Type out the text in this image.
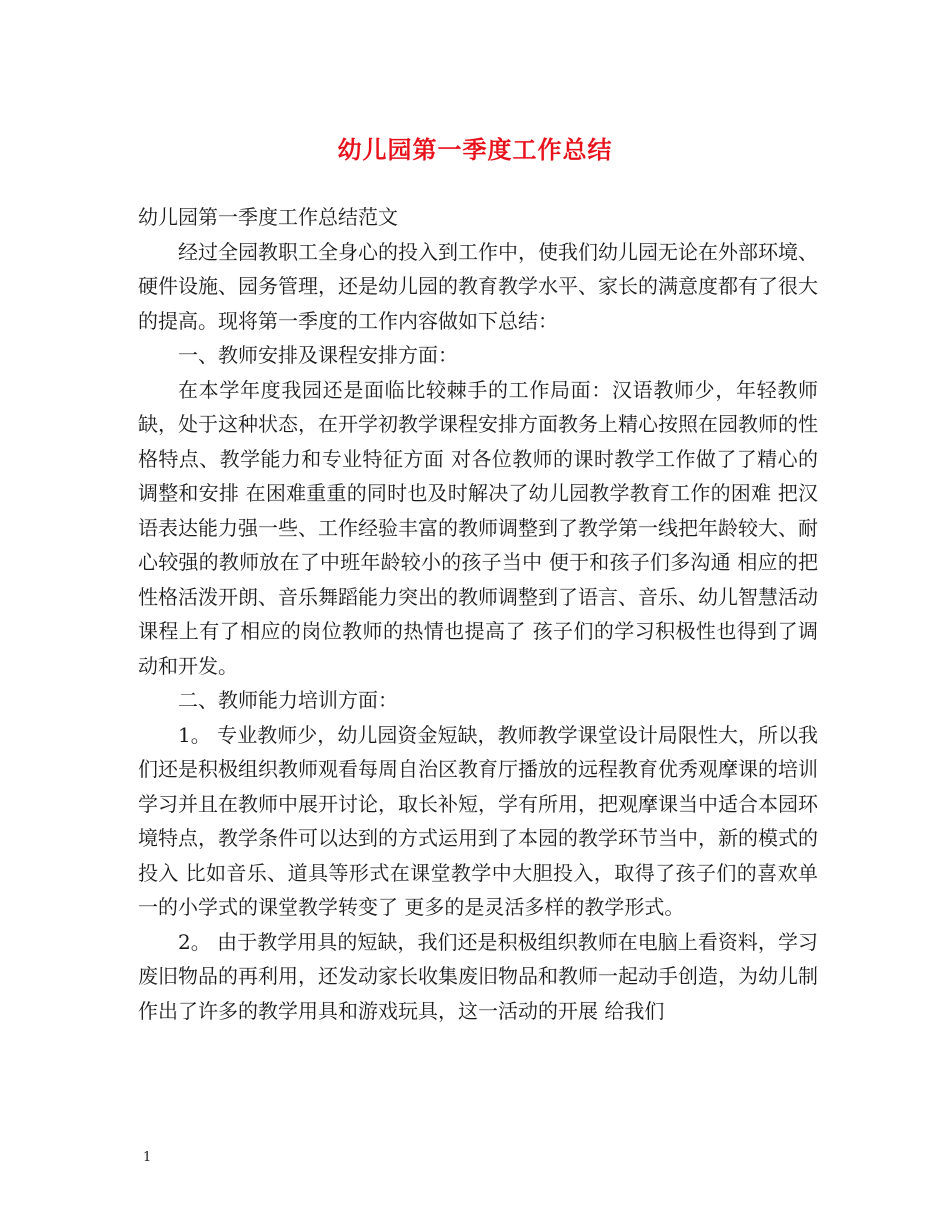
幼儿园第一季度工作总结

幼儿园第一季度工作总结范文

经过全园教职工全身心的投入到工作中，使我们幼儿园无论在外部环境、硬件设施、园务管理，还是幼儿园的教育教学水平、家长的满意度都有了很大的提高。现将第一季度的工作内容做如下总结：

一、教师安排及课程安排方面：

在本学年度我园还是面临比较棘手的工作局面：汉语教师少，年轻教师缺，处于这种状态，在开学初教学课程安排方面教务上精心按照在园教师的性格特点、教学能力和专业特征方面 对各位教师的课时教学工作做了了精心的调整和安排 在困难重重的同时也及时解决了幼儿园教学教育工作的困难 把汉语表达能力强一些、工作经验丰富的教师调整到了教学第一线把年龄较大、耐心较强的教师放在了中班年龄较小的孩子当中 便于和孩子们多沟通 相应的把性格活泼开朗、音乐舞蹈能力突出的教师调整到了语言、音乐、幼儿智慧活动课程上有了相应的岗位教师的热情也提高了 孩子们的学习积极性也得到了调动和开发。

二、教师能力培训方面：

1。 专业教师少，幼儿园资金短缺，教师教学课堂设计局限性大，所以我们还是积极组织教师观看每周自治区教育厅播放的远程教育优秀观摩课的培训学习并且在教师中展开讨论，取长补短，学有所用，把观摩课当中适合本园环境特点，教学条件可以达到的方式运用到了本园的教学环节当中，新的模式的投入 比如音乐、道具等形式在课堂教学中大胆投入，取得了孩子们的喜欢单一的小学式的课堂教学转变了 更多的是灵活多样的教学形式。

2。 由于教学用具的短缺，我们还是积极组织教师在电脑上看资料，学习废旧物品的再利用，还发动家长收集废旧物品和教师一起动手创造，为幼儿制作出了许多的教学用具和游戏玩具，这一活动的开展 给我们

1
